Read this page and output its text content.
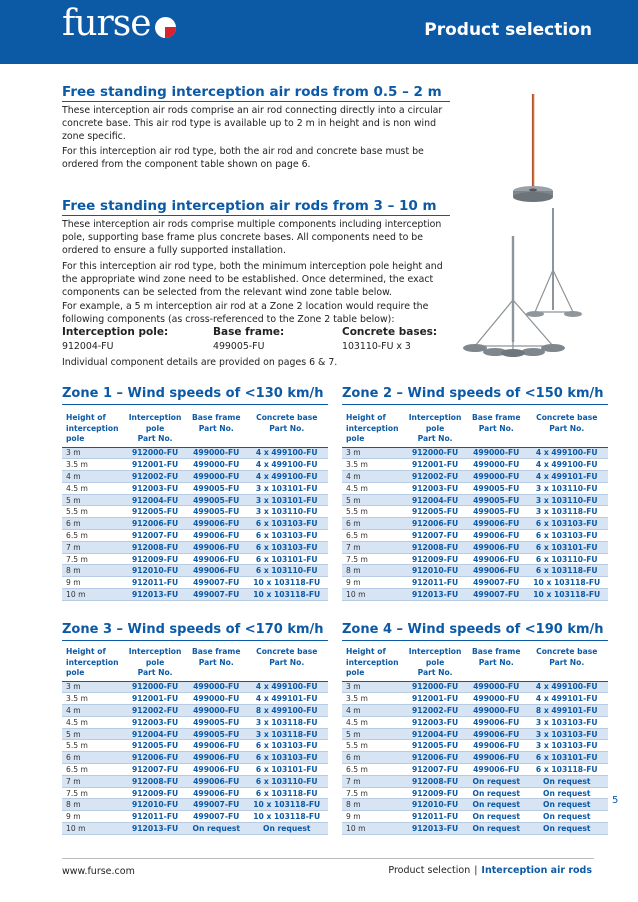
furse	Product selection
Free standing interception air rods from 0.5 – 2 m

These interception air rods comprise an air rod connecting directly into a circular concrete base. This air rod type is available up to 2 m in height and is non wind zone specific.

For this interception air rod type, both the air rod and concrete base must be ordered from the component table shown on page 6.

Free standing interception air rods from 3 – 10 m

These interception air rods comprise multiple components including interception pole, supporting base frame plus concrete bases. All components need to be ordered to ensure a fully supported installation.

For this interception air rod type, both the minimum interception pole height and the appropriate wind zone need to be established. Once determined, the exact components can be selected from the relevant wind zone table below.

For example, a 5 m interception air rod at a Zone 2 location would require the following components (as cross-referenced to the Zone 2 table below):

Interception pole:	Base frame:	Concrete bases:
912004-FU	499005-FU	103110-FU x 3

Individual component details are provided on pages 6 & 7.

Zone 1 – Wind speeds of <130 km/h
Height of
interception
pole	Interception
pole
Part No.	Base frame
Part No.	Concrete base
Part No.
3 m	912000-FU	499000-FU	4 x 499100-FU
3.5 m	912001-FU	499000-FU	4 x 499100-FU
4 m	912002-FU	499000-FU	4 x 499100-FU
4.5 m	912003-FU	499005-FU	3 x 103101-FU
5 m	912004-FU	499005-FU	3 x 103101-FU
5.5 m	912005-FU	499005-FU	3 x 103110-FU
6 m	912006-FU	499006-FU	6 x 103103-FU
6.5 m	912007-FU	499006-FU	6 x 103103-FU
7 m	912008-FU	499006-FU	6 x 103103-FU
7.5 m	912009-FU	499006-FU	6 x 103101-FU
8 m	912010-FU	499006-FU	6 x 103110-FU
9 m	912011-FU	499007-FU	10 x 103118-FU
10 m	912013-FU	499007-FU	10 x 103118-FU
Zone 2 – Wind speeds of <150 km/h
Height of
interception
pole	Interception
pole
Part No.	Base frame
Part No.	Concrete base
Part No.
3 m	912000-FU	499000-FU	4 x 499100-FU
3.5 m	912001-FU	499000-FU	4 x 499100-FU
4 m	912002-FU	499000-FU	4 x 499101-FU
4.5 m	912003-FU	499005-FU	3 x 103110-FU
5 m	912004-FU	499005-FU	3 x 103110-FU
5.5 m	912005-FU	499005-FU	3 x 103118-FU
6 m	912006-FU	499006-FU	6 x 103103-FU
6.5 m	912007-FU	499006-FU	6 x 103103-FU
7 m	912008-FU	499006-FU	6 x 103101-FU
7.5 m	912009-FU	499006-FU	6 x 103110-FU
8 m	912010-FU	499006-FU	6 x 103118-FU
9 m	912011-FU	499007-FU	10 x 103118-FU
10 m	912013-FU	499007-FU	10 x 103118-FU
Zone 3 – Wind speeds of <170 km/h
Height of
interception
pole	Interception
pole
Part No.	Base frame
Part No.	Concrete base
Part No.
3 m	912000-FU	499000-FU	4 x 499100-FU
3.5 m	912001-FU	499000-FU	4 x 499101-FU
4 m	912002-FU	499000-FU	8 x 499100-FU
4.5 m	912003-FU	499005-FU	3 x 103118-FU
5 m	912004-FU	499005-FU	3 x 103118-FU
5.5 m	912005-FU	499006-FU	6 x 103103-FU
6 m	912006-FU	499006-FU	6 x 103103-FU
6.5 m	912007-FU	499006-FU	6 x 103101-FU
7 m	912008-FU	499006-FU	6 x 103110-FU
7.5 m	912009-FU	499006-FU	6 x 103118-FU
8 m	912010-FU	499007-FU	10 x 103118-FU
9 m	912011-FU	499007-FU	10 x 103118-FU
10 m	912013-FU	On request	On request
Zone 4 – Wind speeds of <190 km/h
Height of
interception
pole	Interception
pole
Part No.	Base frame
Part No.	Concrete base
Part No.
3 m	912000-FU	499000-FU	4 x 499100-FU
3.5 m	912001-FU	499000-FU	4 x 499101-FU
4 m	912002-FU	499000-FU	8 x 499101-FU
4.5 m	912003-FU	499006-FU	3 x 103103-FU
5 m	912004-FU	499006-FU	3 x 103103-FU
5.5 m	912005-FU	499006-FU	3 x 103103-FU
6 m	912006-FU	499006-FU	6 x 103101-FU
6.5 m	912007-FU	499006-FU	6 x 103118-FU
7 m	912008-FU	On request	On request
7.5 m	912009-FU	On request	On request
8 m	912010-FU	On request	On request
9 m	912011-FU	On request	On request
10 m	912013-FU	On request	On request
5
www.furse.com	Product selection | Interception air rods
